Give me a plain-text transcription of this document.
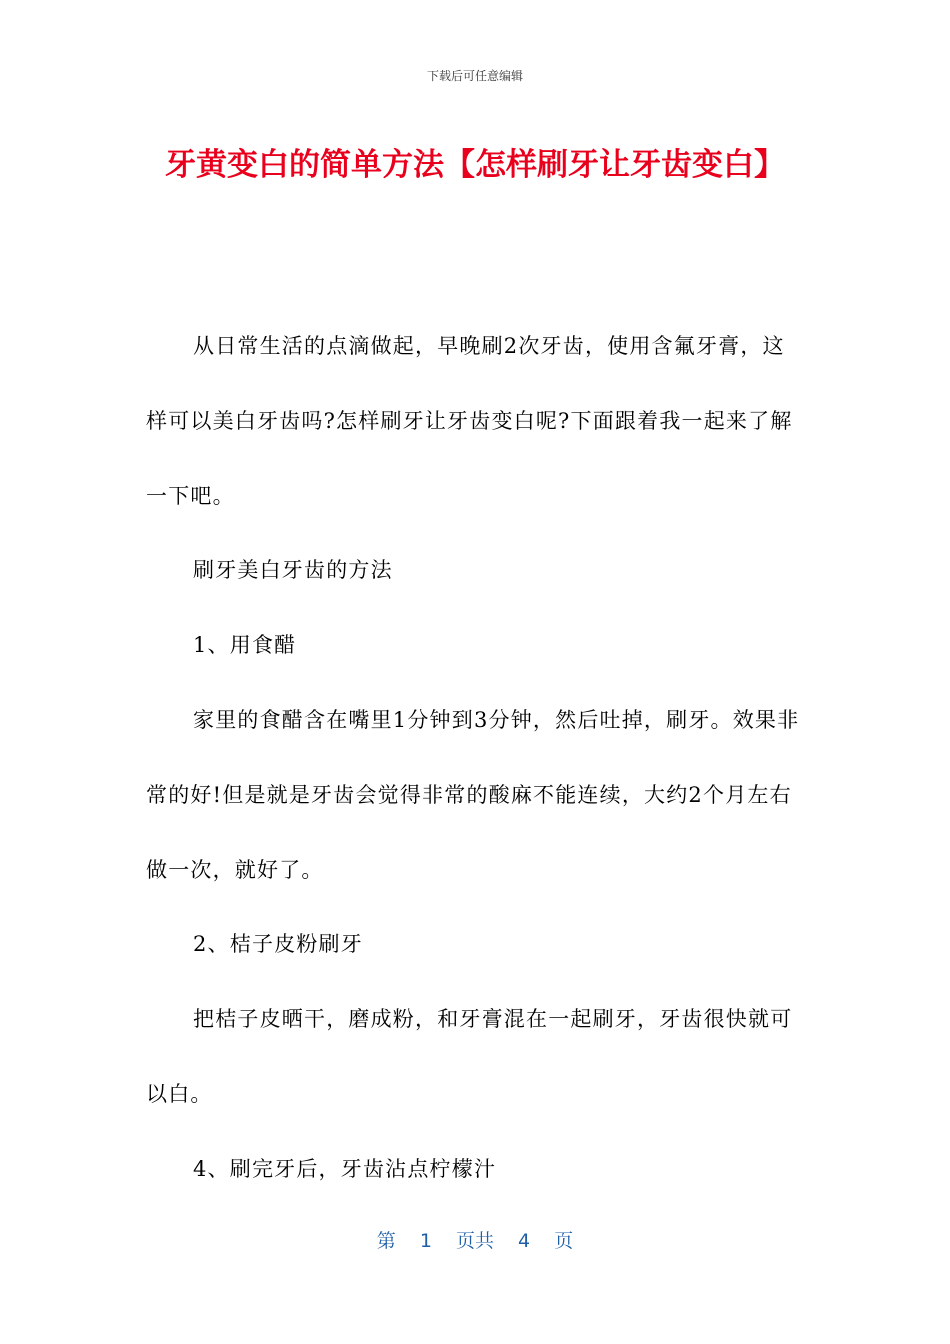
下载后可任意编辑
牙黄变白的简单方法【怎样刷牙让牙齿变白】

从日常生活的点滴做起，早晚刷2次牙齿，使用含氟牙膏，这样可以美白牙齿吗?怎样刷牙让牙齿变白呢?下面跟着我一起来了解一下吧。

刷牙美白牙齿的方法

1、用食醋

家里的食醋含在嘴里1分钟到3分钟，然后吐掉，刷牙。效果非常的好!但是就是牙齿会觉得非常的酸麻不能连续，大约2个月左右做一次，就好了。

2、桔子皮粉刷牙

把桔子皮晒干，磨成粉，和牙膏混在一起刷牙，牙齿很快就可以白。

4、刷完牙后，牙齿沾点柠檬汁

第 1 页共 4 页
